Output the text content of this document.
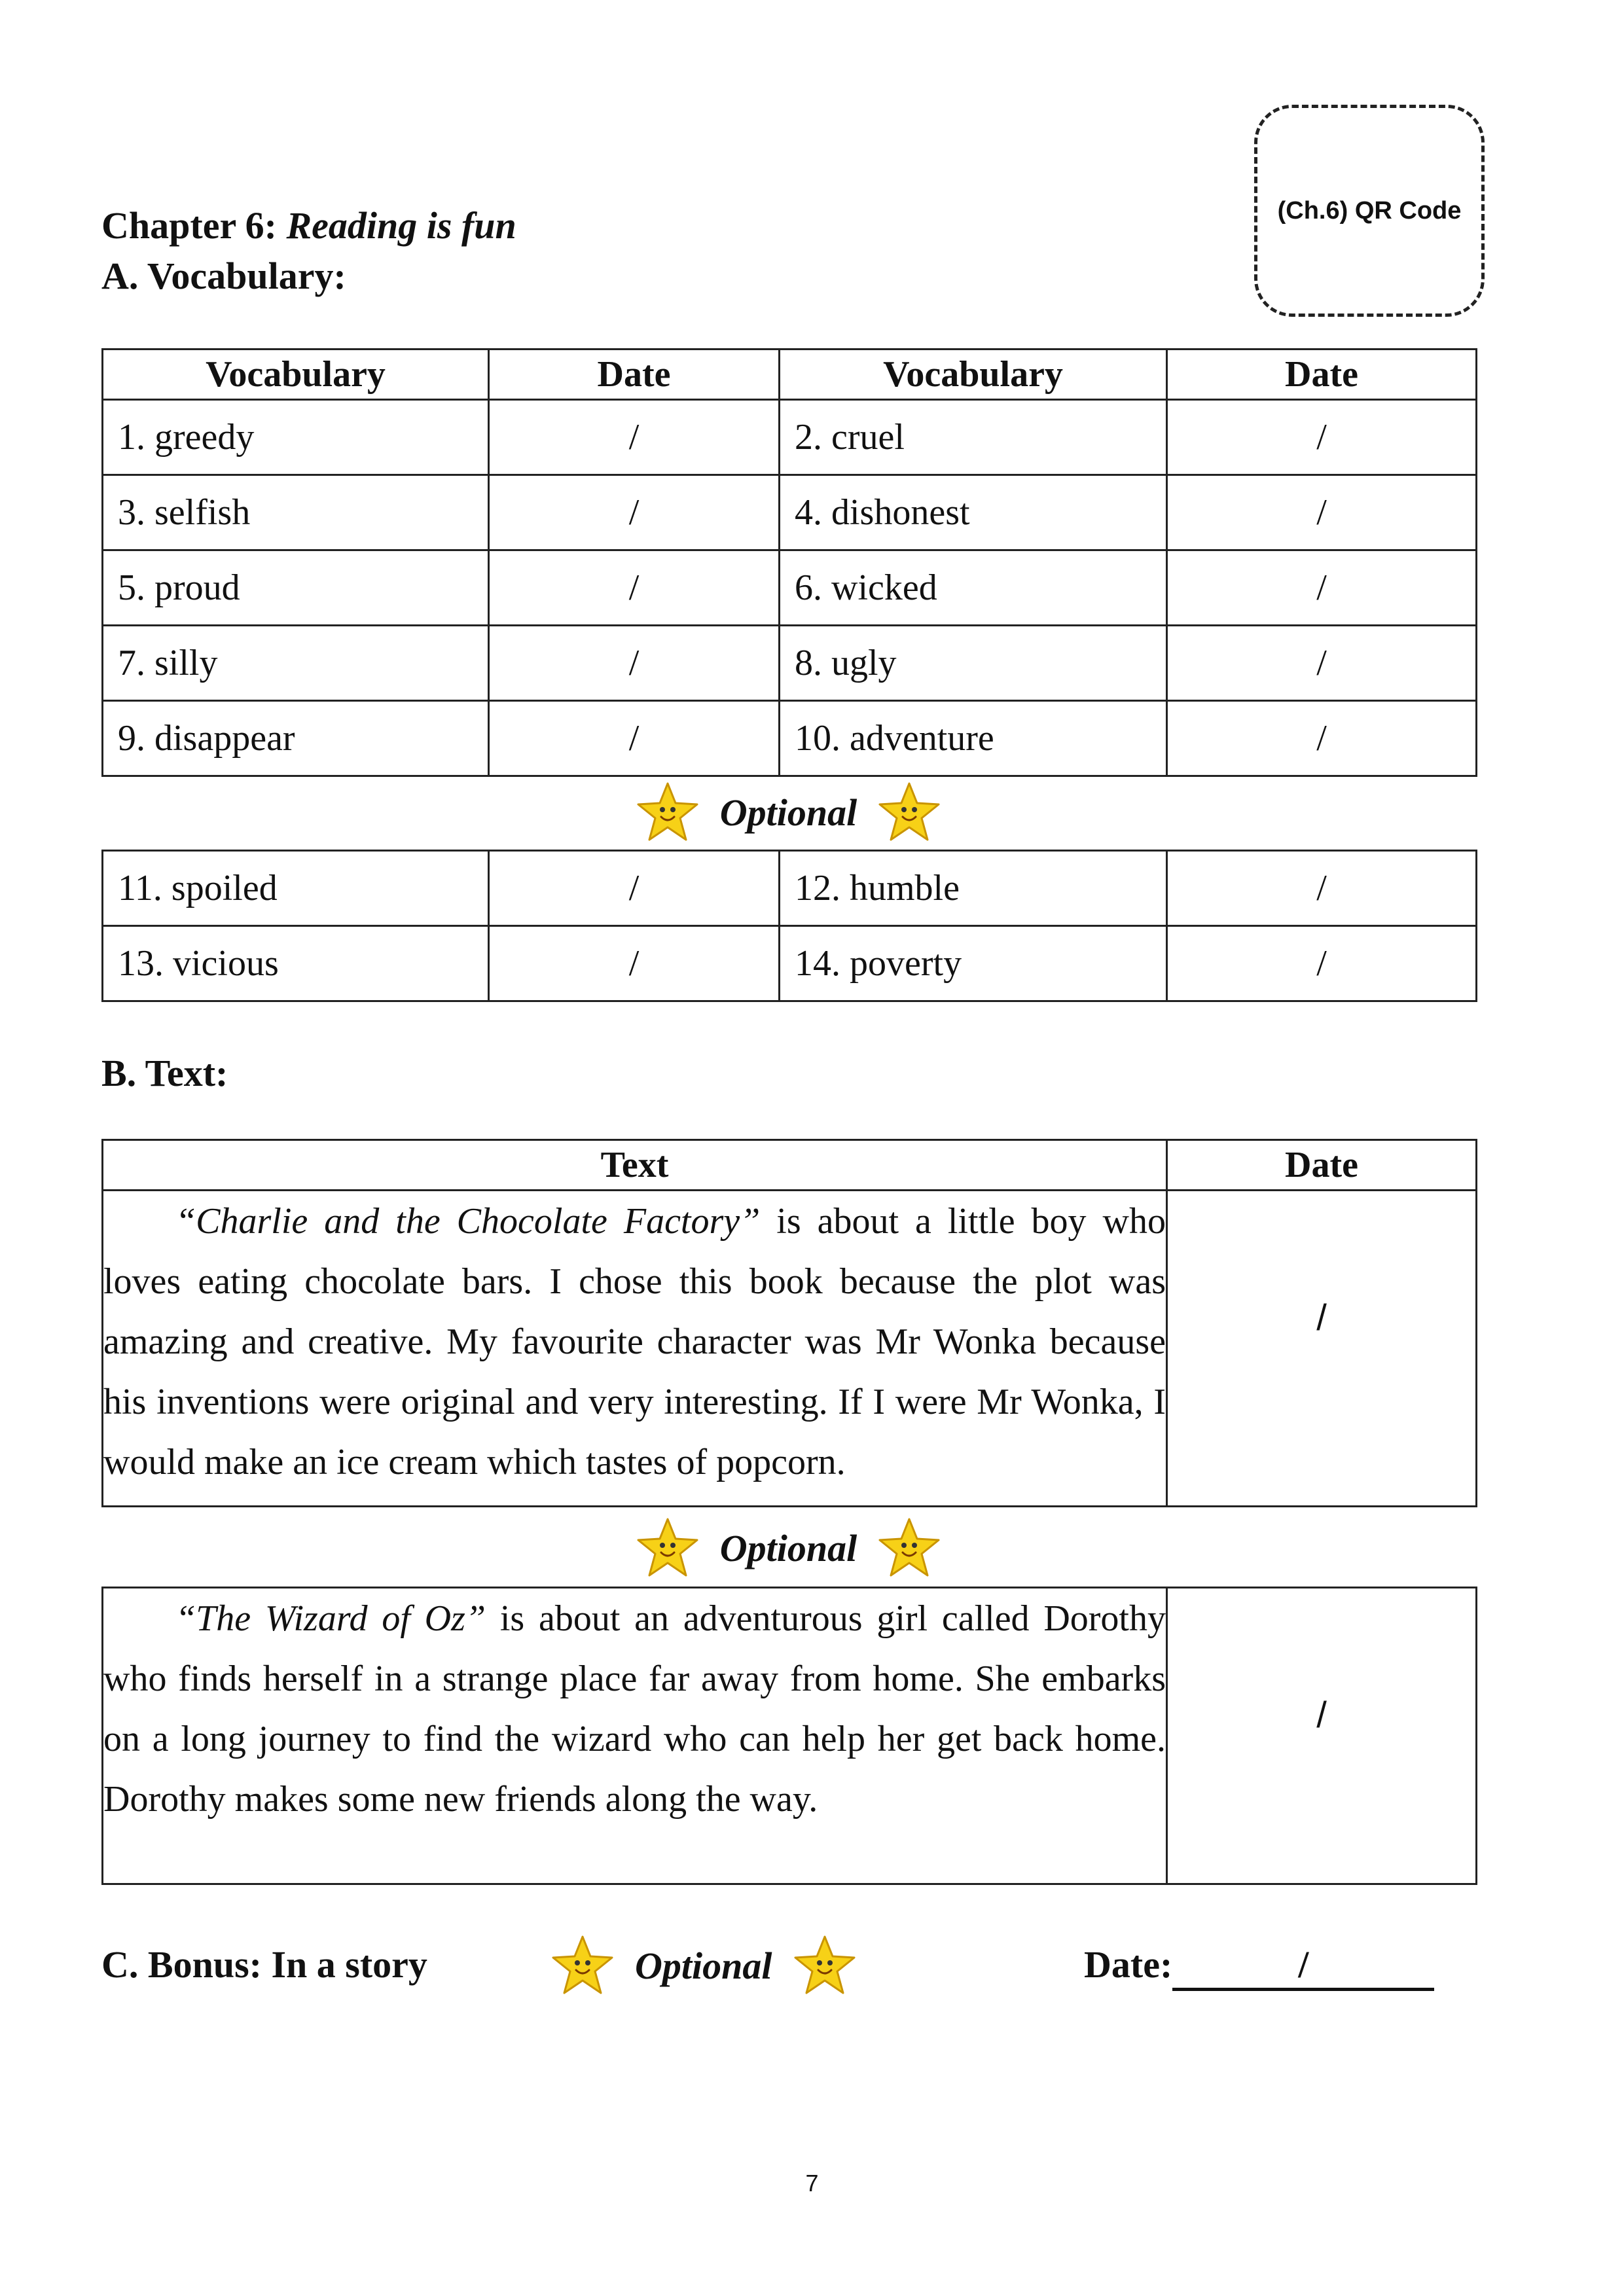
Chapter 6: Reading is fun
A. Vocabulary:
(Ch.6) QR Code
Vocabulary	Date	Vocabulary	Date
1. greedy	/	2. cruel	/
3. selfish	/	4. dishonest	/
5. proud	/	6. wicked	/
7. silly	/	8. ugly	/
9. disappear	/	10. adventure	/
Optional
11. spoiled	/	12. humble	/
13. vicious	/	14. poverty	/
B. Text:
Text	Date

“Charlie and the Chocolate Factory” is about a little boy who loves eating chocolate bars. I chose this book because the plot was amazing and creative. My favourite character was Mr Wonka because his inventions were original and very interesting. If I were Mr Wonka, I would make an ice cream which tastes of popcorn.	/
Optional
“The Wizard of Oz” is about an adventurous girl called Dorothy who finds herself in a strange place far away from home. She embarks on a long journey to find the wizard who can help her get back home. Dorothy makes some new friends along the way.
	/
C. Bonus: In a story	Optional	Date:	/
7
